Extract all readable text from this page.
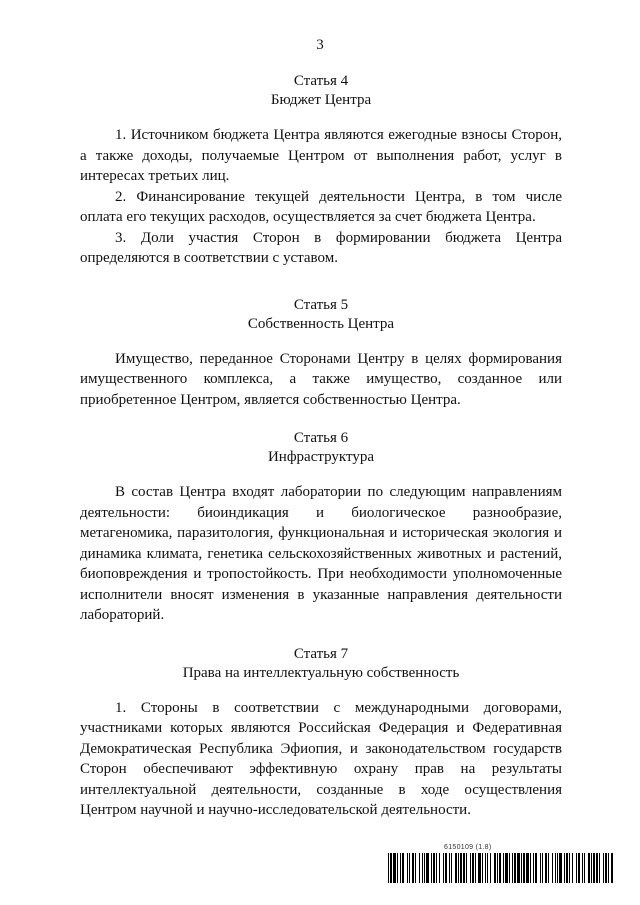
3
Статья 4
Бюджет Центра

1. Источником бюджета Центра являются ежегодные взносы Сторон, а также доходы, получаемые Центром от выполнения работ, услуг в интересах третьих лиц.

2. Финансирование текущей деятельности Центра, в том числе оплата его текущих расходов, осуществляется за счет бюджета Центра.

3. Доли участия Сторон в формировании бюджета Центра определяются в соответствии с уставом.

Статья 5
Собственность Центра

Имущество, переданное Сторонами Центру в целях формирования имущественного комплекса, а также имущество, созданное или приобретенное Центром, является собственностью Центра.

Статья 6
Инфраструктура

В состав Центра входят лаборатории по следующим направлениям деятельности: биоиндикация и биологическое разнообразие, метагеномика, паразитология, функциональная и историческая экология и динамика климата, генетика сельскохозяйственных животных и растений, биоповреждения и тропостойкость. При необходимости уполномоченные исполнители вносят изменения в указанные направления деятельности лабораторий.

Статья 7
Права на интеллектуальную собственность

1. Стороны в соответствии с международными договорами, участниками которых являются Российская Федерация и Федеративная Демократическая Республика Эфиопия, и законодательством государств Сторон обеспечивают эффективную охрану прав на результаты интеллектуальной деятельности, созданные в ходе осуществления Центром научной и научно-исследовательской деятельности.

6150109 (1.8)
